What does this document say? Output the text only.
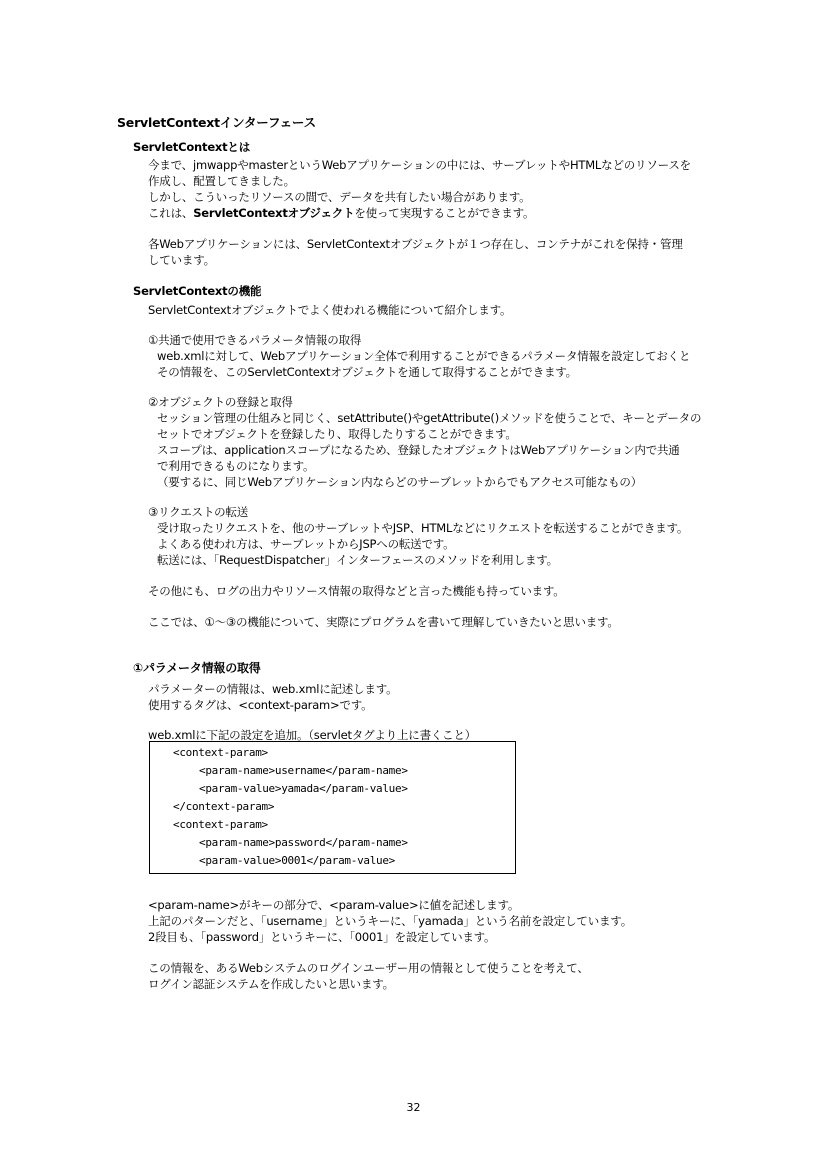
ServletContextインターフェース
ServletContextとは
今まで、jmwappやmasterというWebアプリケーションの中には、サーブレットやHTMLなどのリソースを
作成し、配置してきました。
しかし、こういったリソースの間で、データを共有したい場合があります。
これは、ServletContextオブジェクトを使って実現することができます。
各Webアプリケーションには、ServletContextオブジェクトが１つ存在し、コンテナがこれを保持・管理
しています。
ServletContextの機能
ServletContextオブジェクトでよく使われる機能について紹介します。
①共通で使用できるパラメータ情報の取得
web.xmlに対して、Webアプリケーション全体で利用することができるパラメータ情報を設定しておくと
その情報を、このServletContextオブジェクトを通して取得することができます。
②オブジェクトの登録と取得
セッション管理の仕組みと同じく、setAttribute()やgetAttribute()メソッドを使うことで、キーとデータの
セットでオブジェクトを登録したり、取得したりすることができます。
スコープは、applicationスコープになるため、登録したオブジェクトはWebアプリケーション内で共通
で利用できるものになります。
（要するに、同じWebアプリケーション内ならどのサーブレットからでもアクセス可能なもの）
③リクエストの転送
受け取ったリクエストを、他のサーブレットやJSP、HTMLなどにリクエストを転送することができます。
よくある使われ方は、サーブレットからJSPへの転送です。
転送には、「RequestDispatcher」インターフェースのメソッドを利用します。
その他にも、ログの出力やリソース情報の取得などと言った機能も持っています。
ここでは、①～③の機能について、実際にプログラムを書いて理解していきたいと思います。
①パラメータ情報の取得
パラメーターの情報は、web.xmlに記述します。
使用するタグは、<context-param>です。
web.xmlに下記の設定を追加。（servletタグより上に書くこと）
<context-param>
<param-name>username</param-name>
<param-value>yamada</param-value>
</context-param>
<context-param>
<param-name>password</param-name>
<param-value>0001</param-value>
<param-name>がキーの部分で、<param-value>に値を記述します。
上記のパターンだと、「username」というキーに、「yamada」という名前を設定しています。
2段目も、「password」というキーに、「0001」を設定しています。
この情報を、あるWebシステムのログインユーザー用の情報として使うことを考えて、
ログイン認証システムを作成したいと思います。
32
